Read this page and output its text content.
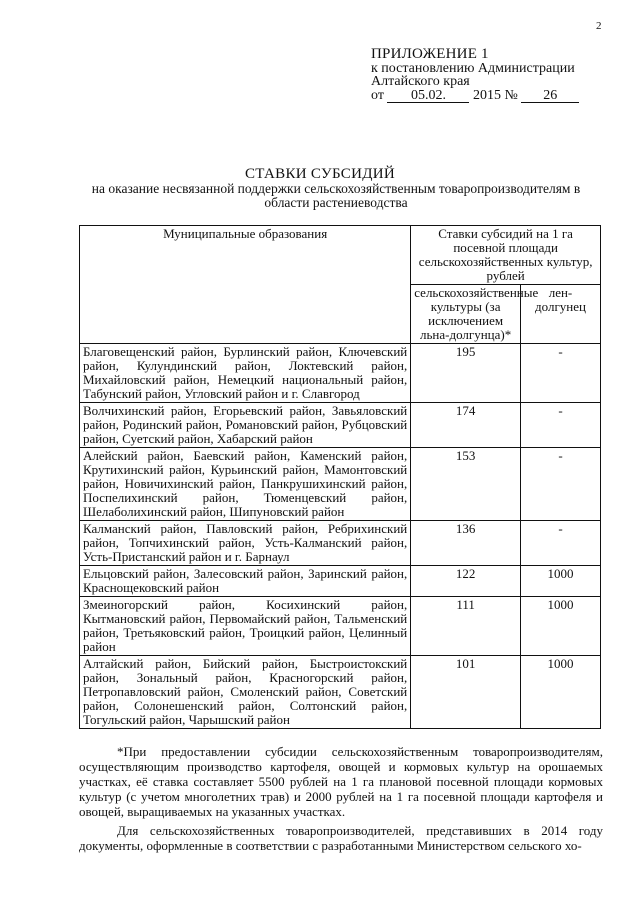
2
ПРИЛОЖЕНИЕ 1
к постановлению Администрации
Алтайского края
от 05.02. 2015 № 26
СТАВКИ СУБСИДИЙ
на оказание несвязанной поддержки сельскохозяйственным товаропроизводителям в области растениеводства
Муниципальные образования	Ставки субсидий на 1 га посевной площади сельскохозяйственных культур, рублей	
	сельскохозяйственные культуры (за исключением льна-долгунца)*	лен-долгунец
Благовещенский район, Бурлинский район, Ключевский район, Кулундинский район, Локтевский район, Михайловский район, Немецкий национальный район, Табунский район, Угловский район и г. Славгород	195	-
Волчихинский район, Егорьевский район, Завьяловский район, Родинский район, Романовский район, Рубцовский район, Суетский район, Хабарский район	174	-
Алейский район, Баевский район, Каменский район, Крутихинский район, Курьинский район, Мамонтовский район, Новичихинский район, Панкрушихинский район, Поспелихинский район, Тюменцевский район, Шелаболихинский район, Шипуновский район	153	-
Калманский район, Павловский район, Ребрихинский район, Топчихинский район, Усть-Калманский район, Усть-Пристанский район и г. Барнаул	136	-
Ельцовский район, Залесовский район, Заринский район, Краснощековский район	122	1000
Змеиногорский район, Косихинский район, Кытмановский район, Первомайский район, Тальменский район, Третьяковский район, Троицкий район, Целинный район	111	1000
Алтайский район, Бийский район, Быстроистокский район, Зональный район, Красногорский район, Петропавловский район, Смоленский район, Советский район, Солонешенский район, Солтонский район, Тогульский район, Чарышский район	101	1000

*При предоставлении субсидии сельскохозяйственным товаропроизводителям, осуществляющим производство картофеля, овощей и кормовых культур на орошаемых участках, её ставка составляет 5500 рублей на 1 га плановой посевной площади кормовых культур (с учетом многолетних трав) и 2000 рублей на 1 га посевной площади картофеля и овощей, выращиваемых на указанных участках.

Для сельскохозяйственных товаропроизводителей, представивших в 2014 году документы, оформленные в соответствии с разработанными Министерством сельского хо-
